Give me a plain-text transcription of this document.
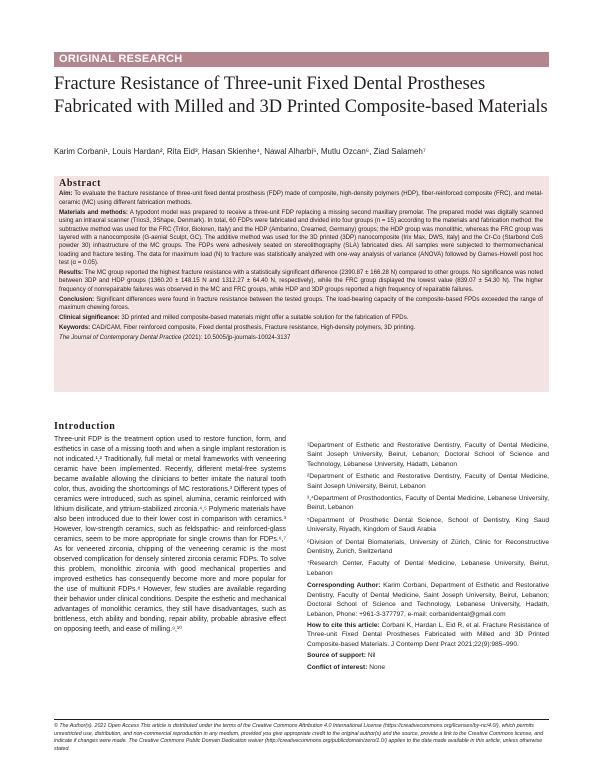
ORIGINAL RESEARCH
Fracture Resistance of Three-unit Fixed Dental Prostheses Fabricated with Milled and 3D Printed Composite-based Materials
Karim Corbani¹, Louis Hardan², Rita Eid³, Hasan Skienhe⁴, Nawal Alharbi⁵, Mutlu Ozcan⁶, Ziad Salameh⁷
Abstract

Aim: To evaluate the fracture resistance of three-unit fixed dental prosthesis (FDP) made of composite, high-density polymers (HDP), fiber-reinforced composite (FRC), and metal-ceramic (MC) using different fabrication methods.

Materials and methods: A typodont model was prepared to receive a three-unit FDP replacing a missing second maxillary premolar. The prepared model was digitally scanned using an intraoral scanner (Trios3, 3Shape, Denmark). In total, 60 FDPs were fabricated and divided into four groups (n = 15) according to the materials and fabrication method: the subtractive method was used for the FRC (Trilor, Bioloren, Italy) and the HDP (Ambarino, Creamed, Germany) groups; the HDP group was monolithic, whereas the FRC group was layered with a nanocomposite (G-aenial Sculpt, GC). The additive method was used for the 3D printed (3DP) nanocomposite (Irix Max, DWS, Italy) and the Cr-Co (Starbond CoS powder 30) infrastructure of the MC groups. The FDPs were adhesively seated on stereolithography (SLA) fabricated dies. All samples were subjected to thermomechanical loading and fracture testing. The data for maximum load (N) to fracture was statistically analyzed with one-way analysis of variance (ANOVA) followed by Games-Howell post hoc test (α = 0.05).

Results: The MC group reported the highest fracture resistance with a statistically significant difference (2390.87 ± 166.28 N) compared to other groups. No significance was noted between 3DP and HDP groups (1360.20 ± 148.15 N and 1312.27 ± 64.40 N, respectively), while the FRC group displayed the lowest value (839.07 ± 54.30 N). The higher frequency of nonrepairable failures was observed in the MC and FRC groups, while HDP and 3DP groups reported a high frequency of repairable failures.

Conclusion: Significant differences were found in fracture resistance between the tested groups. The load-bearing capacity of the composite-based FPDs exceeded the range of maximum chewing forces.

Clinical significance: 3D printed and milled composite-based materials might offer a suitable solution for the fabrication of FPDs.

Keywords: CAD/CAM, Fiber reinforced composite, Fixed dental prosthesis, Fracture resistance, High-density polymers, 3D printing.

The Journal of Contemporary Dental Practice (2021): 10.5005/jp-journals-10024-3137

Introduction

Three-unit FDP is the treatment option used to restore function, form, and esthetics in case of a missing tooth and when a single implant restoration is not indicated.¹,² Traditionally, full metal or metal frameworks with veneering ceramic have been implemented. Recently, different metal-free systems became available allowing the clinicians to better imitate the natural tooth color, thus, avoiding the shortcomings of MC restorations.³ Different types of ceramics were introduced, such as spinel, alumina, ceramic reinforced with lithium disilicate, and yttrium-stabilized zirconia.⁴,⁵ Polymeric materials have also been introduced due to their lower cost in comparison with ceramics.³ However, low-strength ceramics, such as feldspathic- and reinforced-glass ceramics, seem to be more appropriate for single crowns than for FDPs.⁶,⁷ As for veneered zirconia, chipping of the veneering ceramic is the most observed complication for densely sintered zirconia ceramic FDPs. To solve this problem, monolithic zirconia with good mechanical properties and improved esthetics has consequently become more and more popular for the use of multiunit FDPs.⁸ However, few studies are available regarding their behavior under clinical conditions. Despite the esthetic and mechanical advantages of monolithic ceramics, they still have disadvantages, such as brittleness, etch ability and bonding, repair ability, probable abrasive effect on opposing teeth, and ease of milling.⁹,¹⁰

¹Department of Esthetic and Restorative Dentistry, Faculty of Dental Medicine, Saint Joseph University, Beirut, Lebanon; Doctoral School of Science and Technology, Lebanese University, Hadath, Lebanon
²Department of Esthetic and Restorative Dentistry, Faculty of Dental Medicine, Saint Joseph University, Beirut, Lebanon
³,⁴Department of Prosthodontics, Faculty of Dental Medicine, Lebanese University, Beirut, Lebanon
⁵Department of Prosthetic Dental Science, School of Dentistry, King Saud University, Riyadh, Kingdom of Saudi Arabia
⁶Division of Dental Biomaterials, University of Zürich, Clinic for Reconstructive Dentistry, Zurich, Switzerland
⁷Research Center, Faculty of Dental Medicine, Lebanese University, Beirut, Lebanon

Corresponding Author: Karim Corbani, Department of Esthetic and Restorative Dentistry, Faculty of Dental Medicine, Saint Joseph University, Beirut, Lebanon; Doctoral School of Science and Technology, Lebanese University, Hadath, Lebanon, Phone: +961-3-377797, e-mail: corbanidental@gmail.com

How to cite this article: Corbani K, Hardan L, Eid R, et al. Fracture Resistance of Three-unit Fixed Dental Prostheses Fabricated with Milled and 3D Printed Composite-based Materials. J Contemp Dent Pract 2021;22(9):985–990.

Source of support: Nil

Conflict of interest: None

© The Author(s). 2021 Open Access This article is distributed under the terms of the Creative Commons Attribution 4.0 International License (https://creativecommons.org/licenses/by-nc/4.0/), which permits unrestricted use, distribution, and non-commercial reproduction in any medium, provided you give appropriate credit to the original author(s) and the source, provide a link to the Creative Commons license, and indicate if changes were made. The Creative Commons Public Domain Dedication waiver (http://creativecommons.org/publicdomain/zero/1.0/) applies to the data made available in this article, unless otherwise stated.
